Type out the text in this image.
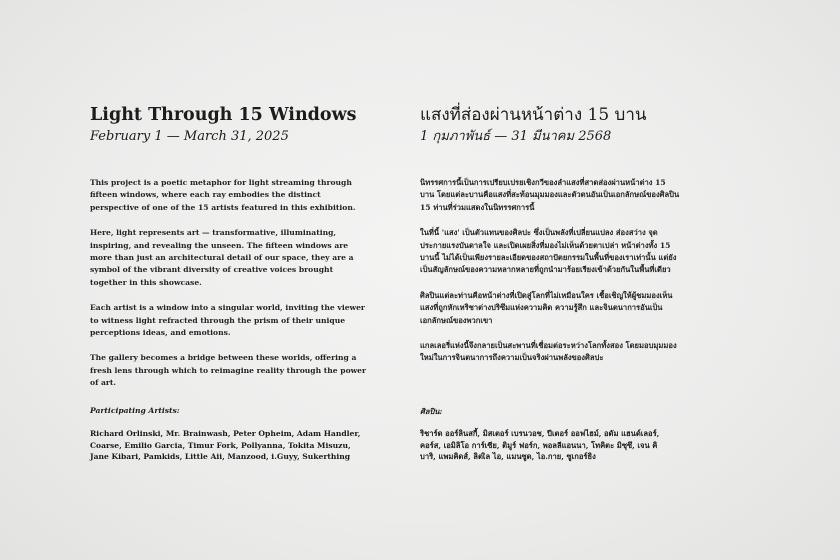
Light Through 15 Windows
February 1 — March 31, 2025

This project is a poetic metaphor for light streaming through fifteen windows, where each ray embodies the distinct perspective of one of the 15 artists featured in this exhibition.

Here, light represents art — transformative, illuminating, inspiring, and revealing the unseen. The fifteen windows are more than just an architectural detail of our space, they are a symbol of the vibrant diversity of creative voices brought together in this showcase.

Each artist is a window into a singular world, inviting the viewer to witness light refracted through the prism of their unique perceptions ideas, and emotions.

The gallery becomes a bridge between these worlds, offering a fresh lens through which to reimagine reality through the power of art.

Participating Artists:
Richard Orlinski, Mr. Brainwash, Peter Opheim, Adam Handler, Coarse, Emilio Garcia, Timur Fork, Pollyanna, Tokita Misuzu, Jane Kibari, Pamkids, Little Aii, Manzood, i.Guyy, Sukerthing
แสงที่ส่องผ่านหน้าต่าง 15 บาน
1 กุมภาพันธ์ — 31 มีนาคม 2568

นิทรรศการนี้เป็นการเปรียบเปรยเชิงกวีของลำแสงที่สาดส่องผ่านหน้าต่าง 15 บาน โดยแต่ละบานคือแสงที่สะท้อนมุมมองและตัวตนอันเป็นเอกลักษณ์ของศิลปิน 15 ท่านที่ร่วมแสดงในนิทรรศการนี้

ในที่นี้ 'แสง' เป็นตัวแทนของศิลปะ ซึ่งเป็นพลังที่เปลี่ยนแปลง ส่องสว่าง จุดประกายแรงบันดาลใจ และเปิดเผยสิ่งที่มองไม่เห็นด้วยตาเปล่า หน้าต่างทั้ง 15 บานนี้ ไม่ได้เป็นเพียงรายละเอียดของสถาปัตยกรรมในพื้นที่ของเราเท่านั้น แต่ยังเป็นสัญลักษณ์ของความหลากหลายที่ถูกนำมาร้อยเรียงเข้าด้วยกันในพื้นที่เดียว

ศิลปินแต่ละท่านคือหน้าต่างที่เปิดสู่โลกที่ไม่เหมือนใคร เชื้อเชิญให้ผู้ชมมองเห็นแสงที่ถูกหักเหริชาต่างปริซึมแห่งความคิด ความรู้สึก และจินตนาการอันเป็นเอกลักษณ์ของพวกเขา

แกลเลอรี่แห่งนี้จึงกลายเป็นสะพานที่เชื่อมต่อระหว่างโลกทั้งสอง โดยมอบมุมมองใหม่ในการจินตนาการถึงความเป็นจริงผ่านพลังของศิลปะ

ศิลปิน:
ริชาร์ด ออร์ลินสกี้, มิสเตอร์ เบรนวอช, ปีเตอร์ ออฟไฮม์, อดัม แฮนด์เลอร์, คอร์ส, เอมิลิโอ การ์เซีย, ติมูร์ ฟอร์ก, พอลลีแอนนา, โทคิตะ มิซุซึ, เจน คิบาริ, แพมคิดส์, ลิตเิล ไอ, แมนซูด, ไอ.กาย, ซูเกอร์ธิง
